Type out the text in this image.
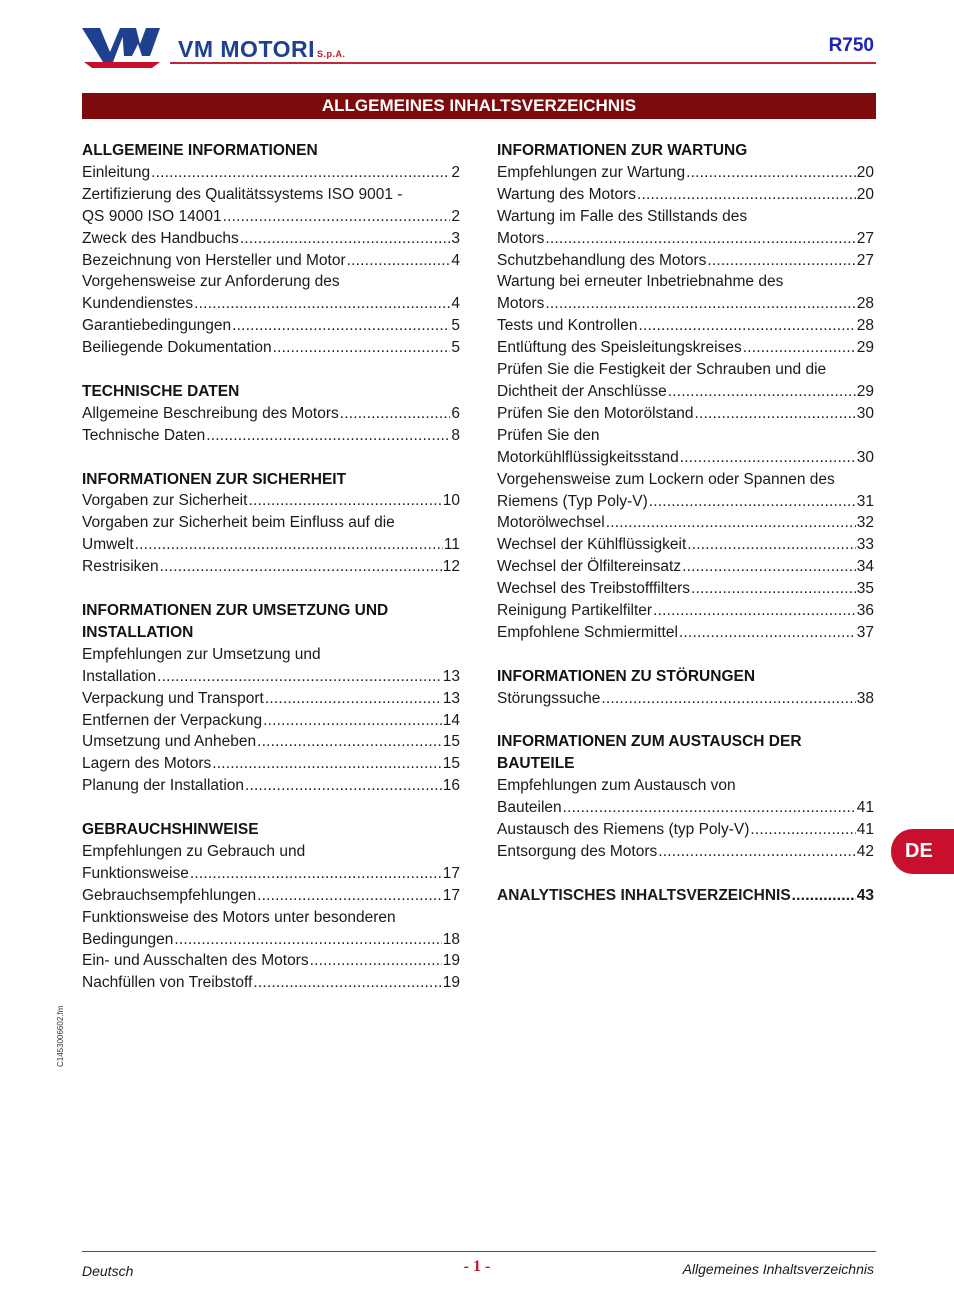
VM MOTORI S.p.A.	R750
ALLGEMEINES INHALTSVERZEICHNIS
ALLGEMEINE INFORMATIONEN
Einleitung .....	2
Zertifizierung des Qualitätssystems ISO 9001 -
QS 9000 ISO 14001 .....	2
Zweck des Handbuchs .....	3
Bezeichnung von Hersteller und Motor .....	4
Vorgehensweise zur Anforderung des
Kundendienstes .....	4
Garantiebedingungen .....	5
Beiliegende Dokumentation .....	5
TECHNISCHE DATEN
Allgemeine Beschreibung des Motors .....	6
Technische Daten .....	8
INFORMATIONEN ZUR SICHERHEIT
Vorgaben zur Sicherheit .....	10
Vorgaben zur Sicherheit beim Einfluss auf die
Umwelt .....	11
Restrisiken .....	12
INFORMATIONEN ZUR UMSETZUNG UND INSTALLATION
Empfehlungen zur Umsetzung und
Installation .....	13
Verpackung und Transport .....	13
Entfernen der Verpackung .....	14
Umsetzung und Anheben .....	15
Lagern des Motors .....	15
Planung der Installation .....	16
GEBRAUCHSHINWEISE
Empfehlungen zu Gebrauch und
Funktionsweise .....	17
Gebrauchsempfehlungen .....	17
Funktionsweise des Motors unter besonderen
Bedingungen .....	18
Ein- und Ausschalten des Motors .....	19
Nachfüllen von Treibstoff .....	19
INFORMATIONEN ZUR WARTUNG
Empfehlungen zur Wartung .....	20
Wartung des Motors .....	20
Wartung im Falle des Stillstands des
Motors .....	27
Schutzbehandlung des Motors .....	27
Wartung bei erneuter Inbetriebnahme des
Motors .....	28
Tests und Kontrollen .....	28
Entlüftung des Speisleitungskreises .....	29
Prüfen Sie die Festigkeit der Schrauben und die
Dichtheit der Anschlüsse .....	29
Prüfen Sie den Motorölstand .....	30
Prüfen Sie den
Motorkühlflüssigkeitsstand .....	30
Vorgehensweise zum Lockern oder Spannen des
Riemens (Typ Poly-V) .....	31
Motorölwechsel .....	32
Wechsel der Kühlflüssigkeit .....	33
Wechsel der Ölfiltereinsatz .....	34
Wechsel des Treibstofffilters .....	35
Reinigung Partikelfilter .....	36
Empfohlene Schmiermittel .....	37
INFORMATIONEN ZU STÖRUNGEN
Störungssuche .....	38
INFORMATIONEN ZUM AUSTAUSCH DER BAUTEILE
Empfehlungen zum Austausch von
Bauteilen .....	41
Austausch des Riemens (typ Poly-V) .....	41
Entsorgung des Motors .....	42
ANALYTISCHES INHALTSVERZEICHNIS .....	43
C1453006602.fm
DE
Deutsch	- 1 -	Allgemeines Inhaltsverzeichnis
